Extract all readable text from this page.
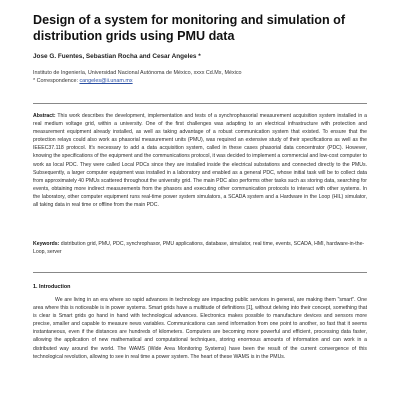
Design of a system for monitoring and simulation of distribution grids using PMU data
Jose G. Fuentes, Sebastian Rocha and Cesar Angeles *
Instituto de Ingeniería, Universidad Nacional Autónoma de México, xxxx Cd.Mx, México
* Correspondence: cangeles@ii.unam.mx
Abstract: This work describes the development, implementation and tests of a synchrophasorial measurement acquisition system installed in a real medium voltage grid, within a university. One of the first challenges was adapting to an electrical infrastructure with protection and measurement equipment already installed, as well as taking advantage of a robust communication system that existed. To ensure that the protection relays could also work as phasorial measurement units (PMU), was required an extensive study of their specifications as well as the IEEEC37.118 protocol. It's necessary to add a data acquisition system, called in these cases phasorial data concentrator (PDC). However, knowing the specifications of the equipment and the communications protocol, it was decided to implement a commercial and low-cost computer to work as local PDC. They were called Local PDCs since they are installed inside the electrical substations and connected directly to the PMUs. Subsequently, a larger computer equipment was installed in a laboratory and enabled as a general PDC, whose initial task will be to collect data from approximately 40 PMUs scattered throughout the university grid. The main PDC also performs other tasks such as storing data, searching for events, obtaining more indirect measurements from the phasors and executing other communication protocols to interact with other systems. In the laboratory, other computer equipment runs real-time power system simulators, a SCADA system and a Hardware in the Loop (HIL) simulator, all taking data in real time or offline from the main PDC.
Keywords: distribution grid, PMU, PDC, synchrophasor, PMU applications, database, simulator, real time, events, SCADA, HMI, hardware-in-the-Loop, server
1. Introduction
We are living in an era where so rapid advances in technology are impacting public services in general, are making them "smart". One area where this is noticeable is in power systems. Smart grids have a multitude of definitions [1], without delving into their concept, something that is clear is Smart grids go hand in hand with technological advances. Electronics makes possible to manufacture devices and sensors more precise, smaller and capable to measure news variables. Communications can send information from one point to another, so fast that it seems instantaneous, even if the distances are hundreds of kilometers. Computers are becoming more powerful and efficient, processing data faster, allowing the application of new mathematical and computational techniques, storing enormous amounts of information and can work in a distributed way around the world. The WAMS (Wide Area Monitoring Systems) have been the result of the current convergence of this technological revolution, allowing to see in real time a power system. The heart of these WAMS is in the PMUs.
